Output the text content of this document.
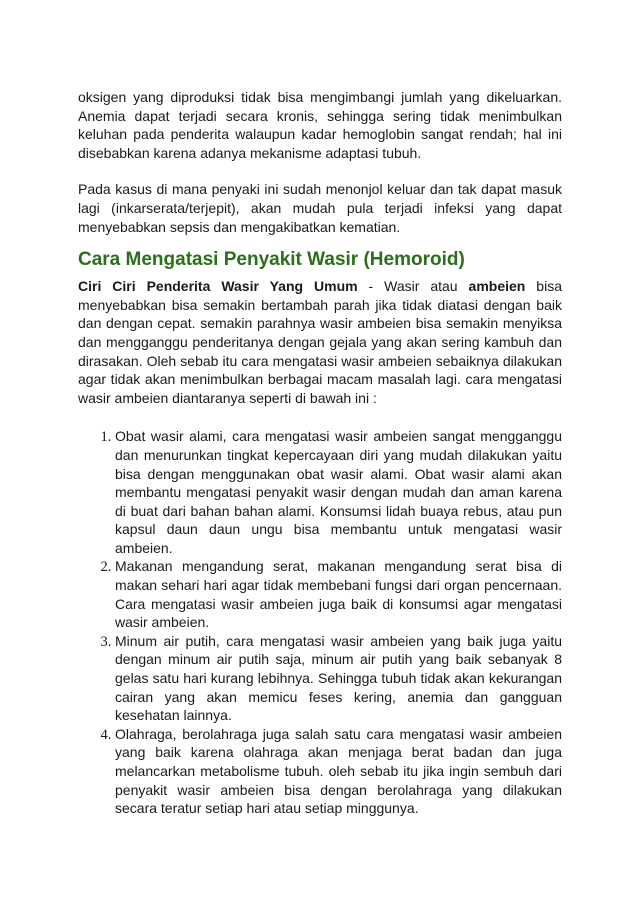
oksigen yang diproduksi tidak bisa mengimbangi jumlah yang dikeluarkan. Anemia dapat terjadi secara kronis, sehingga sering tidak menimbulkan keluhan pada penderita walaupun kadar hemoglobin sangat rendah; hal ini disebabkan karena adanya mekanisme adaptasi tubuh.

Pada kasus di mana penyaki ini sudah menonjol keluar dan tak dapat masuk lagi (inkarserata/terjepit), akan mudah pula terjadi infeksi yang dapat menyebabkan sepsis dan mengakibatkan kematian.

Cara Mengatasi Penyakit Wasir (Hemoroid)

Ciri Ciri Penderita Wasir Yang Umum - Wasir atau ambeien bisa menyebabkan bisa semakin bertambah parah jika tidak diatasi dengan baik dan dengan cepat. semakin parahnya wasir ambeien bisa semakin menyiksa dan mengganggu penderitanya dengan gejala yang akan sering kambuh dan dirasakan. Oleh sebab itu cara mengatasi wasir ambeien sebaiknya dilakukan agar tidak akan menimbulkan berbagai macam masalah lagi. cara mengatasi wasir ambeien diantaranya seperti di bawah ini :

1. Obat wasir alami, cara mengatasi wasir ambeien sangat mengganggu dan menurunkan tingkat kepercayaan diri yang mudah dilakukan yaitu bisa dengan menggunakan obat wasir alami. Obat wasir alami akan membantu mengatasi penyakit wasir dengan mudah dan aman karena di buat dari bahan bahan alami. Konsumsi lidah buaya rebus, atau pun kapsul daun daun ungu bisa membantu untuk mengatasi wasir ambeien.
2. Makanan mengandung serat, makanan mengandung serat bisa di makan sehari hari agar tidak membebani fungsi dari organ pencernaan. Cara mengatasi wasir ambeien juga baik di konsumsi agar mengatasi wasir ambeien.
3. Minum air putih, cara mengatasi wasir ambeien yang baik juga yaitu dengan minum air putih saja, minum air putih yang baik sebanyak 8 gelas satu hari kurang lebihnya. Sehingga tubuh tidak akan kekurangan cairan yang akan memicu feses kering, anemia dan gangguan kesehatan lainnya.
4. Olahraga, berolahraga juga salah satu cara mengatasi wasir ambeien yang baik karena olahraga akan menjaga berat badan dan juga melancarkan metabolisme tubuh. oleh sebab itu jika ingin sembuh dari penyakit wasir ambeien bisa dengan berolahraga yang dilakukan secara teratur setiap hari atau setiap minggunya.
